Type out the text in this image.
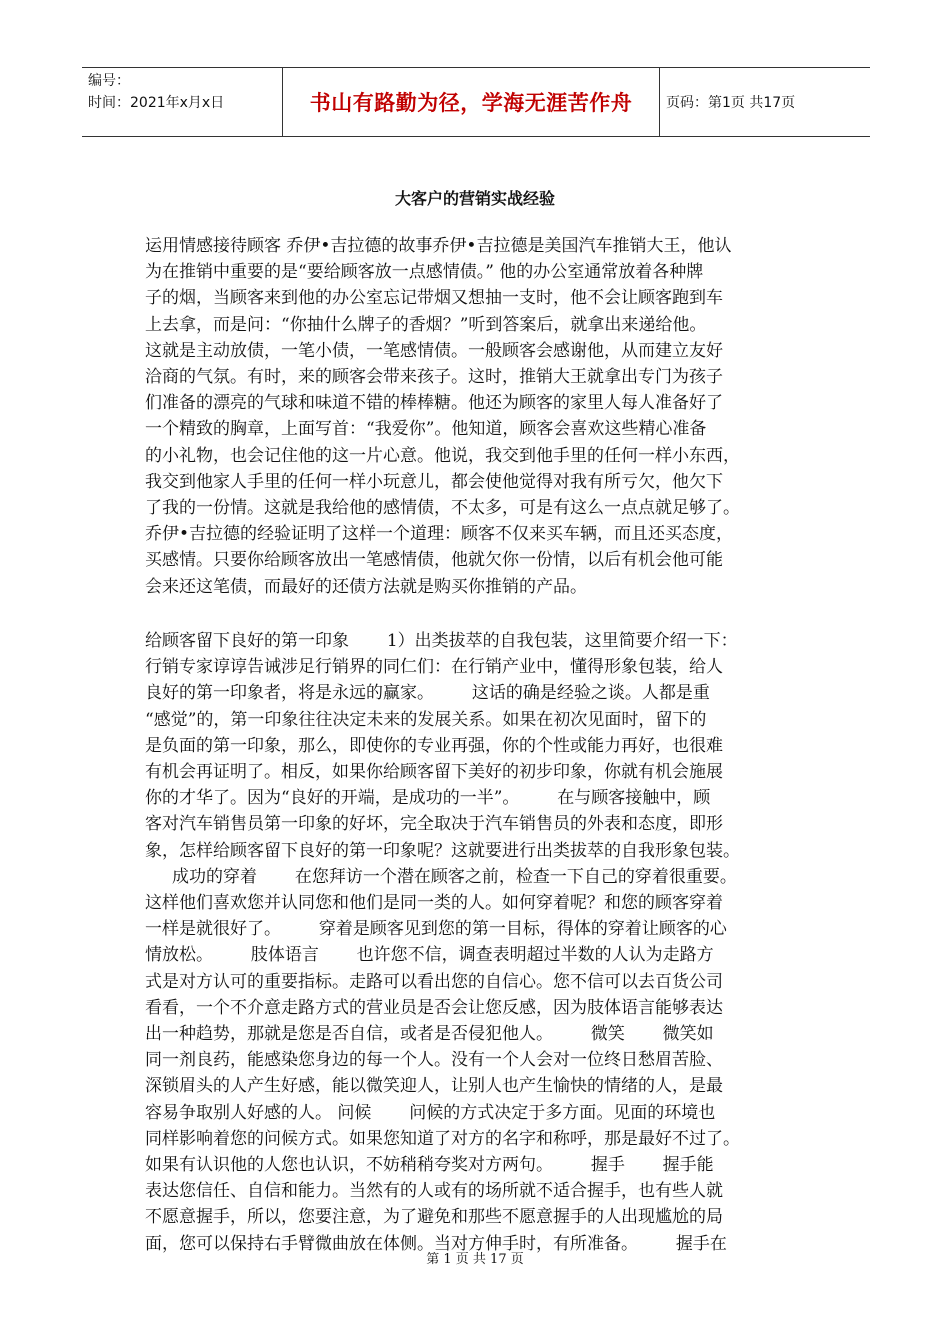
编号：
时间：2021年x月x日	书山有路勤为径，学海无涯苦作舟	页码：第1页 共17页
大客户的营销实战经验
运用情感接待顾客 乔伊•吉拉德的故事乔伊•吉拉德是美国汽车推销大王，他认
为在推销中重要的是“要给顾客放一点感情债。” 他的办公室通常放着各种牌
子的烟，当顾客来到他的办公室忘记带烟又想抽一支时，他不会让顾客跑到车
上去拿，而是问：“你抽什么牌子的香烟？”听到答案后，就拿出来递给他。
这就是主动放债，一笔小债，一笔感情债。一般顾客会感谢他，从而建立友好
洽商的气氛。有时，来的顾客会带来孩子。这时，推销大王就拿出专门为孩子
们准备的漂亮的气球和味道不错的棒棒糖。他还为顾客的家里人每人准备好了
一个精致的胸章，上面写首：“我爱你”。他知道，顾客会喜欢这些精心准备
的小礼物，也会记住他的这一片心意。他说，我交到他手里的任何一样小东西，
我交到他家人手里的任何一样小玩意儿，都会使他觉得对我有所亏欠，他欠下
了我的一份情。这就是我给他的感情债，不太多，可是有这么一点点就足够了。
乔伊•吉拉德的经验证明了这样一个道理：顾客不仅来买车辆，而且还买态度，
买感情。只要你给顾客放出一笔感情债，他就欠你一份情，以后有机会他可能
会来还这笔债，而最好的还债方法就是购买你推销的产品。
给顾客留下良好的第一印象       1）出类拔萃的自我包装，这里简要介绍一下：
行销专家谆谆告诫涉足行销界的同仁们：在行销产业中，懂得形象包装，给人
良好的第一印象者，将是永远的赢家。       这话的确是经验之谈。人都是重
“感觉”的，第一印象往往决定未来的发展关系。如果在初次见面时，留下的
是负面的第一印象，那么，即使你的专业再强，你的个性或能力再好，也很难
有机会再证明了。相反，如果你给顾客留下美好的初步印象，你就有机会施展
你的才华了。因为“良好的开端，是成功的一半”。       在与顾客接触中，顾
客对汽车销售员第一印象的好坏，完全取决于汽车销售员的外表和态度，即形
象，怎样给顾客留下良好的第一印象呢？这就要进行出类拔萃的自我形象包装。
成功的穿着       在您拜访一个潜在顾客之前，检查一下自己的穿着很重要。
这样他们喜欢您并认同您和他们是同一类的人。如何穿着呢？和您的顾客穿着
一样是就很好了。       穿着是顾客见到您的第一目标，得体的穿着让顾客的心
情放松。       肢体语言       也许您不信，调查表明超过半数的人认为走路方
式是对方认可的重要指标。走路可以看出您的自信心。您不信可以去百货公司
看看，一个不介意走路方式的营业员是否会让您反感，因为肢体语言能够表达
出一种趋势，那就是您是否自信，或者是否侵犯他人。       微笑       微笑如
同一剂良药，能感染您身边的每一个人。没有一个人会对一位终日愁眉苦脸、
深锁眉头的人产生好感，能以微笑迎人，让别人也产生愉快的情绪的人，是最
容易争取别人好感的人。 问候       问候的方式决定于多方面。见面的环境也
同样影响着您的问候方式。如果您知道了对方的名字和称呼，那是最好不过了。
如果有认识他的人您也认识，不妨稍稍夸奖对方两句。       握手       握手能
表达您信任、自信和能力。当然有的人或有的场所就不适合握手，也有些人就
不愿意握手，所以，您要注意，为了避免和那些不愿意握手的人出现尴尬的局
面，您可以保持右手臂微曲放在体侧。当对方伸手时，有所准备。       握手在
第 1 页 共 17 页
